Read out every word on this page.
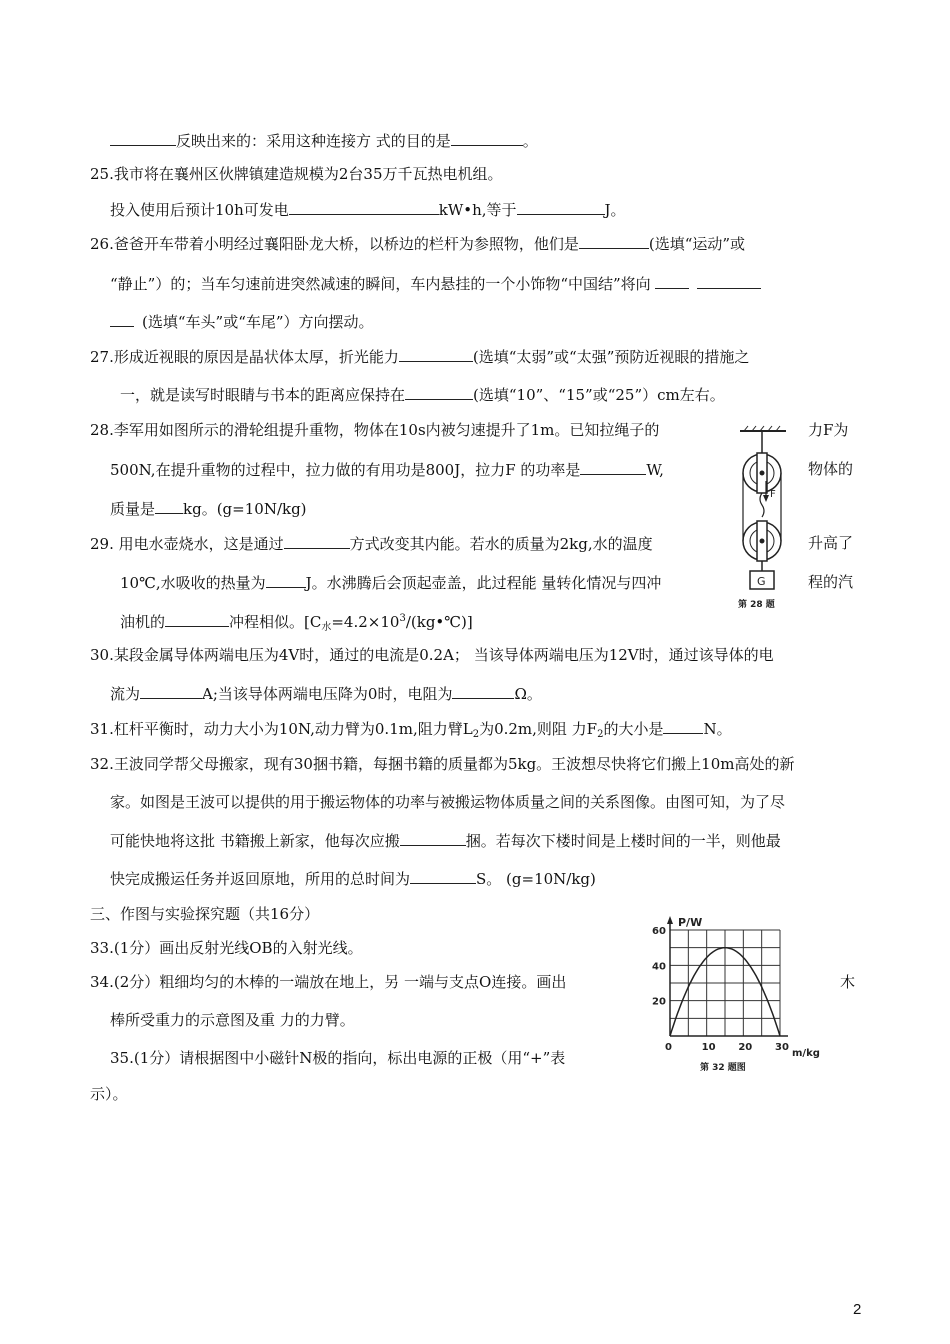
反映出来的：采用这种连接方 式的目的是	。
25.我市将在襄州区伙牌镇建造规模为2台35万千瓦热电机组。
投入使用后预计10h可发电	kW•h,等于	J。
26.爸爸开车带着小明经过襄阳卧龙大桥，以桥边的栏杆为参照物，他们是	(选填“运动”或
“静止”）的；当车匀速前进突然减速的瞬间，车内悬挂的一个小饰物“中国结”将向
(选填“车头”或“车尾”）方向摆动。
27.形成近视眼的原因是晶状体太厚，折光能力	(选填“太弱”或“太强”预防近视眼的措施之
一，就是读写时眼睛与书本的距离应保持在	(选填“10”、“15”或“25”）cm左右。
28.李军用如图所示的滑轮组提升重物，物体在10s内被匀速提升了1m。已知拉绳子的	力F为
500N,在提升重物的过程中，拉力做的有用功是800J，拉力F 的功率是	W,	物体的
质量是 kg。(g=10N/kg)
29. 用电水壶烧水，这是通过	方式改变其内能。若水的质量为2kg,水的温度	升高了
10℃,水吸收的热量为	J。水沸腾后会顶起壶盖，此过程能 量转化情况与四冲	程的汽
油机的	冲程相似。$[C_水=4.2\times 10^3/(kg•℃)]$
F
G
第 28 题
30.某段金属导体两端电压为4V时，通过的电流是0.2A； 当该导体两端电压为12V时，通过该导体的电
流为	A;当该导体两端电压降为0时，电阻为	Ω。
31.杠杆平衡时，动力大小为10N,动力臂为0.1m,阻力臂$L_2$为0.2m,则阻 力$F_2$的大小是	N。
32.王波同学帮父母搬家，现有30捆书籍，每捆书籍的质量都为5kg。王波想尽快将它们搬上10m高处的新
家。如图是王波可以提供的用于搬运物体的功率与被搬运物体质量之间的关系图像。由图可知，为了尽
可能快地将这批 书籍搬上新家，他每次应搬	捆。若每次下楼时间是上楼时间的一半，则他最
快完成搬运任务并返回原地，所用的总时间为	S。 (g=10N/kg)
三、作图与实验探究题（共16分）
33.(1分）画出反射光线OB的入射光线。
34.(2分）粗细均匀的木棒的一端放在地上，另 一端与支点O连接。画出	木
棒所受重力的示意图及重 力的力臂。
35.(1分）请根据图中小磁针N极的指向，标出电源的正极（用“+”表
示）。
0	10 20 30
20
40
60
P/W
m/kg
第 32 题图
2
